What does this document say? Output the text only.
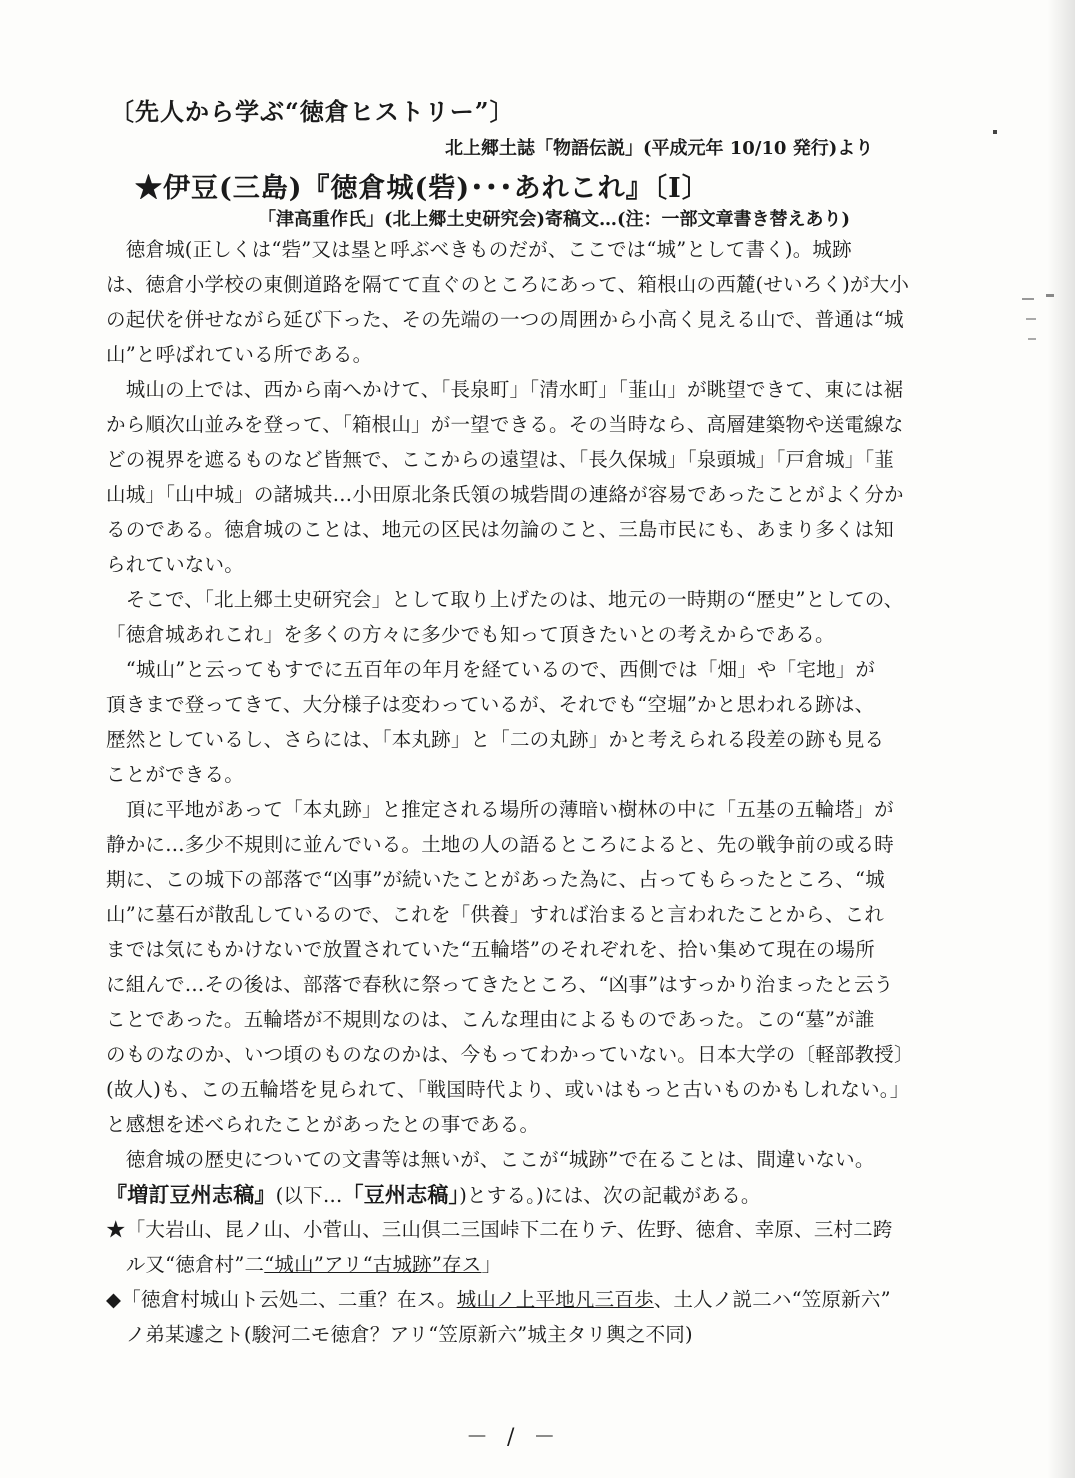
〔先人から学ぶ“徳倉ヒストリー”〕
北上郷土誌「物語伝説」(平成元年 10/10 発行)より
★伊豆(三島)『徳倉城(砦)･･･あれこれ』〔Ⅰ〕
「津高重作氏」(北上郷土史研究会)寄稿文…(注：一部文章書き替えあり)
　徳倉城(正しくは“砦”又は塁と呼ぶべきものだが、ここでは“城”として書く)。城跡
は、徳倉小学校の東側道路を隔てて直ぐのところにあって、箱根山の西麓(せいろく)が大小
の起伏を併せながら延び下った、その先端の一つの周囲から小高く見える山で、普通は“城
山”と呼ばれている所である。
　城山の上では、西から南へかけて、「長泉町」「清水町」「韮山」が眺望できて、東には裾
から順次山並みを登って、「箱根山」が一望できる。その当時なら、高層建築物や送電線な
どの視界を遮るものなど皆無で、ここからの遠望は、「長久保城」「泉頭城」「戸倉城」「韮
山城」「山中城」の諸城共…小田原北条氏領の城砦間の連絡が容易であったことがよく分か
るのである。徳倉城のことは、地元の区民は勿論のこと、三島市民にも、あまり多くは知
られていない。
　そこで、「北上郷土史研究会」として取り上げたのは、地元の一時期の“歴史”としての、
「徳倉城あれこれ」を多くの方々に多少でも知って頂きたいとの考えからである。
　“城山”と云ってもすでに五百年の年月を経ているので、西側では「畑」や「宅地」が
頂きまで登ってきて、大分様子は変わっているが、それでも“空堀”かと思われる跡は、
歴然としているし、さらには、「本丸跡」と「二の丸跡」かと考えられる段差の跡も見る
ことができる。
　頂に平地があって「本丸跡」と推定される場所の薄暗い樹林の中に「五基の五輪塔」が
静かに…多少不規則に並んでいる。土地の人の語るところによると、先の戦争前の或る時
期に、この城下の部落で“凶事”が続いたことがあった為に、占ってもらったところ、“城
山”に墓石が散乱しているので、これを「供養」すれば治まると言われたことから、これ
までは気にもかけないで放置されていた“五輪塔”のそれぞれを、拾い集めて現在の場所
に組んで…その後は、部落で春秋に祭ってきたところ、“凶事”はすっかり治まったと云う
ことであった。五輪塔が不規則なのは、こんな理由によるものであった。この“墓”が誰
のものなのか、いつ頃のものなのかは、今もってわかっていない。日本大学の〔軽部教授〕
(故人)も、この五輪塔を見られて、「戦国時代より、或いはもっと古いものかもしれない。」
と感想を述べられたことがあったとの事である。
　徳倉城の歴史についての文書等は無いが、ここが“城跡”で在ることは、間違いない。
『増訂豆州志稿』(以下…「豆州志稿」)とする。)には、次の記載がある。
★「大岩山、昆ノ山、小菅山、三山倶二三国峠下二在りテ、佐野、徳倉、幸原、三村二跨
　ル又“徳倉村”二“城山”アリ“古城跡”存ス」
◆「徳倉村城山ト云処二、二重？在ス。城山ノ上平地凡三百歩、土人ノ説二ハ“笠原新六”
　ノ弟某遽之ト(駿河二モ徳倉？アリ“笠原新六”城主タリ輿之不同)
－ / －
